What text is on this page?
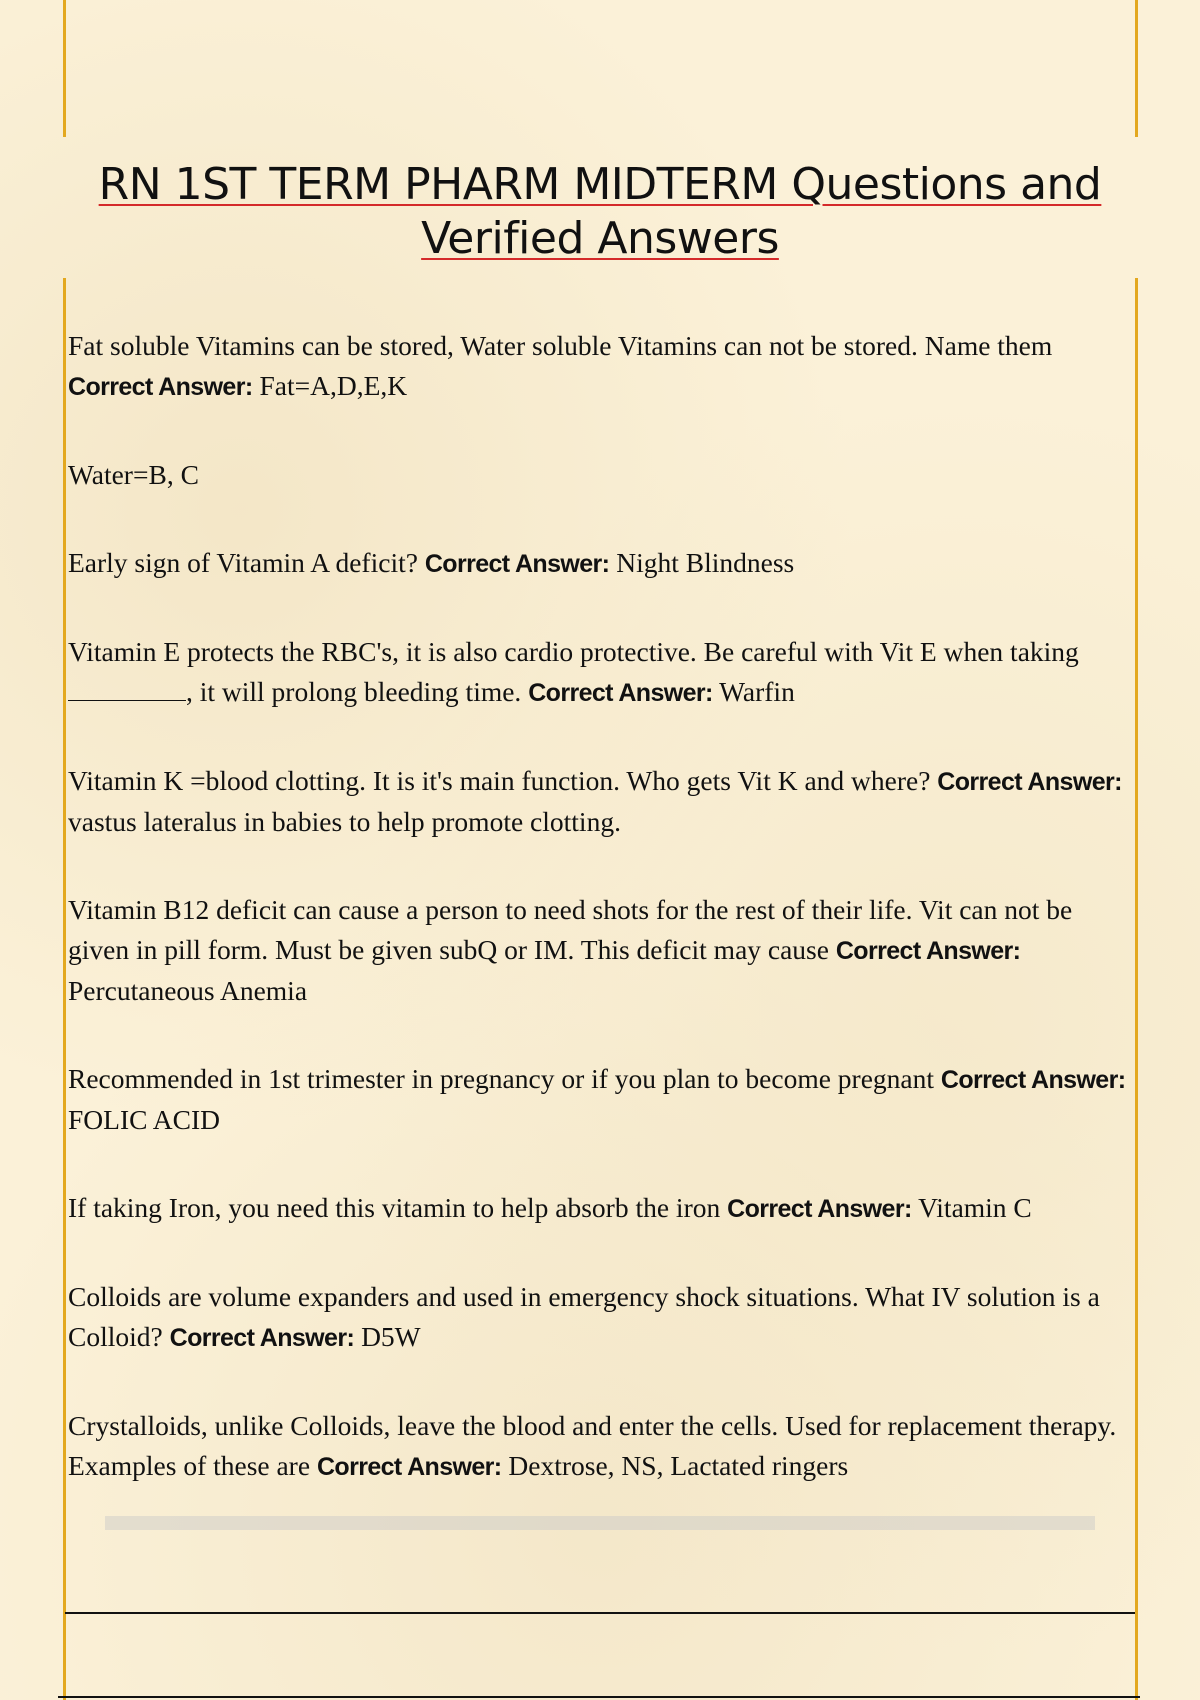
RN 1ST TERM PHARM MIDTERM Questions and Verified Answers

Fat soluble Vitamins can be stored, Water soluble Vitamins can not be stored. Name them Correct Answer: Fat=A,D,E,K

Water=B, C

Early sign of Vitamin A deficit? Correct Answer: Night Blindness

Vitamin E protects the RBC's, it is also cardio protective. Be careful with Vit E when taking, it will prolong bleeding time. Correct Answer: Warfin

Vitamin K =blood clotting. It is it's main function. Who gets Vit K and where? Correct Answer: vastus lateralus in babies to help promote clotting.

Vitamin B12 deficit can cause a person to need shots for the rest of their life. Vit can not be given in pill form. Must be given subQ or IM. This deficit may cause Correct Answer: Percutaneous Anemia

Recommended in 1st trimester in pregnancy or if you plan to become pregnant Correct Answer: FOLIC ACID

If taking Iron, you need this vitamin to help absorb the iron Correct Answer: Vitamin C

Colloids are volume expanders and used in emergency shock situations. What IV solution is a Colloid? Correct Answer: D5W

Crystalloids, unlike Colloids, leave the blood and enter the cells. Used for replacement therapy. Examples of these are Correct Answer: Dextrose, NS, Lactated ringers
